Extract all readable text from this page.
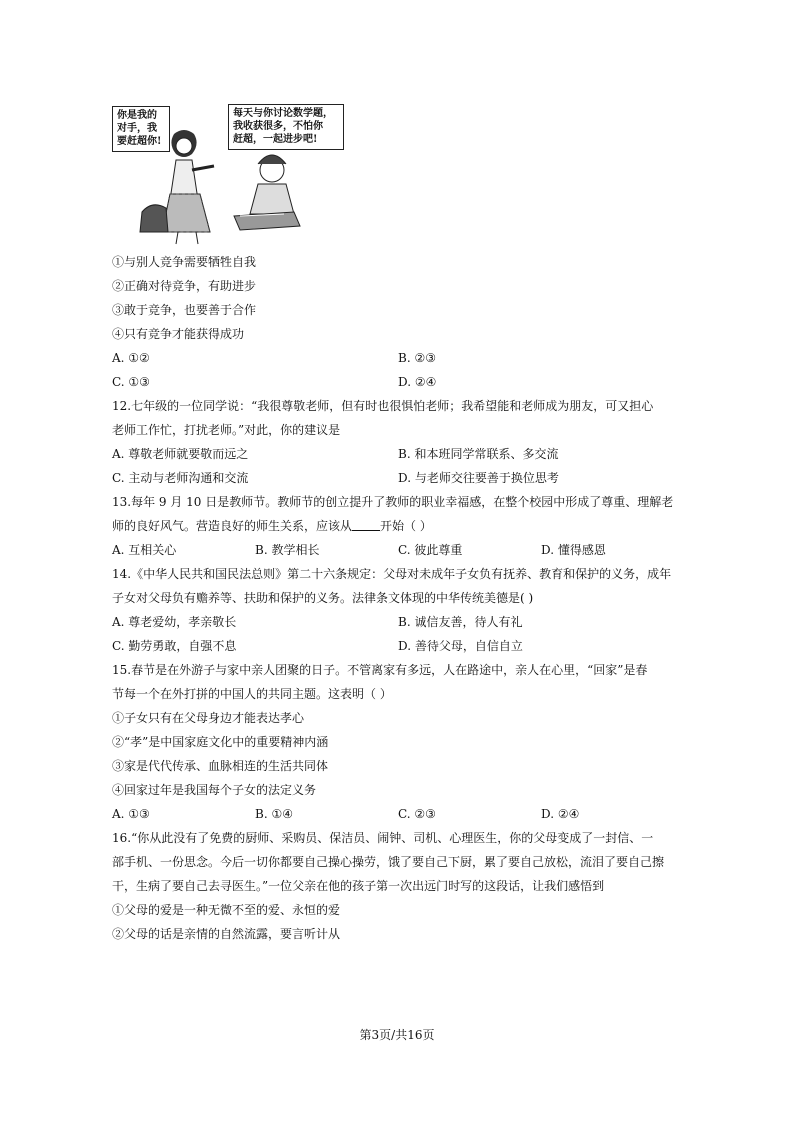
你是我的
对手，我
要赶超你!
每天与你讨论数学题，
我收获很多，不怕你
赶超，一起进步吧!
①与别人竞争需要牺牲自我
②正确对待竞争，有助进步
③敢于竞争，也要善于合作
④只有竞争才能获得成功
A. ①②	B. ②③
C. ①③	D. ②④
12.七年级的一位同学说：“我很尊敬老师，但有时也很惧怕老师；我希望能和老师成为朋友，可又担心
老师工作忙，打扰老师。”对此，你的建议是
A. 尊敬老师就要敬而远之	B. 和本班同学常联系、多交流
C. 主动与老师沟通和交流	D. 与老师交往要善于换位思考
13.每年 9 月 10 日是教师节。教师节的创立提升了教师的职业幸福感，在整个校园中形成了尊重、理解老
师的良好风气。营造良好的师生关系，应该从 开始（ ）
A. 互相关心	B. 教学相长	C. 彼此尊重	D. 懂得感恩
14.《中华人民共和国民法总则》第二十六条规定：父母对未成年子女负有抚养、教育和保护的义务，成年
子女对父母负有赡养等、扶助和保护的义务。法律条文体现的中华传统美德是( )
A. 尊老爱幼，孝亲敬长	B. 诚信友善，待人有礼
C. 勤劳勇敢，自强不息	D. 善待父母，自信自立
15.春节是在外游子与家中亲人团聚的日子。不管离家有多远，人在路途中，亲人在心里，“回家”是春
节每一个在外打拼的中国人的共同主题。这表明（ ）
①子女只有在父母身边才能表达孝心
②“孝”是中国家庭文化中的重要精神内涵
③家是代代传承、血脉相连的生活共同体
④回家过年是我国每个子女的法定义务
A. ①③	B. ①④	C. ②③	D. ②④
16.“你从此没有了免费的厨师、采购员、保洁员、闹钟、司机、心理医生，你的父母变成了一封信、一
部手机、一份思念。今后一切你都要自己操心操劳，饿了要自己下厨，累了要自己放松，流泪了要自己擦
干，生病了要自己去寻医生。”一位父亲在他的孩子第一次出远门时写的这段话，让我们感悟到
①父母的爱是一种无微不至的爱、永恒的爱
②父母的话是亲情的自然流露，要言听计从
第3页/共16页
